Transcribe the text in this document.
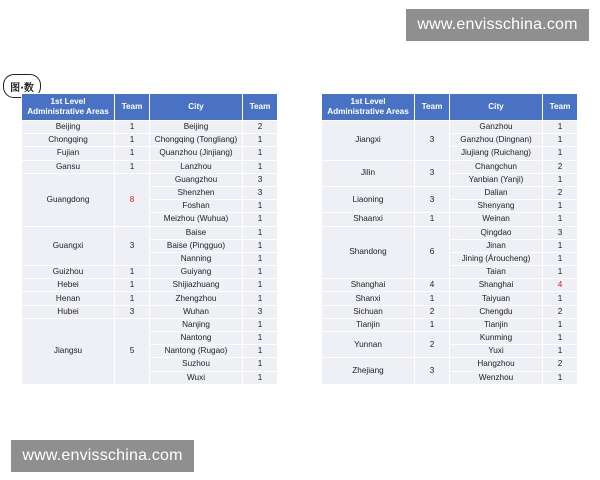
www.envisschina.com
www.envisschina.com
图·数
1st Level Administrative Areas	Team	City	Team
Beijing	1	Beijing	2
Chongqing	1	Chongqing (Tongliang)	1
Fujian	1	Quanzhou (Jinjiang)	1
Gansu	1	Lanzhou	1
Guangdong	8	Guangzhou	3
		Shenzhen	3
		Foshan	1
		Meizhou (Wuhua)	1
Guangxi	3	Baise	1
		Baise (Pingguo)	1
		Nanning	1
Guizhou	1	Guiyang	1
Hebei	1	Shijiazhuang	1
Henan	1	Zhengzhou	1
Hubei	3	Wuhan	3
Jiangsu	5	Nanjing	1
		Nantong	1
		Nantong (Rugao)	1
		Suzhou	1
		Wuxi	1
1st Level Administrative Areas	Team	City	Team
Jiangxi	3	Ganzhou	1
		Ganzhou (Dingnan)	1
		Jiujiang (Ruichang)	1
Jilin	3	Changchun	2
		Yanbian (Yanji)	1
Liaoning	3	Dalian	2
		Shenyang	1
Shaanxi	1	Weinan	1
Shandong	6	Qingdao	3
		Jinan	1
		Jining (Ároucheng)	1
		Taian	1
Shanghai	4	Shanghai	4
Shanxi	1	Taiyuan	1
Sichuan	2	Chengdu	2
Tianjin	1	Tianjin	1
Yunnan	2	Kunming	1
		Yuxi	1
Zhejiang	3	Hangzhou	2
		Wenzhou	1
